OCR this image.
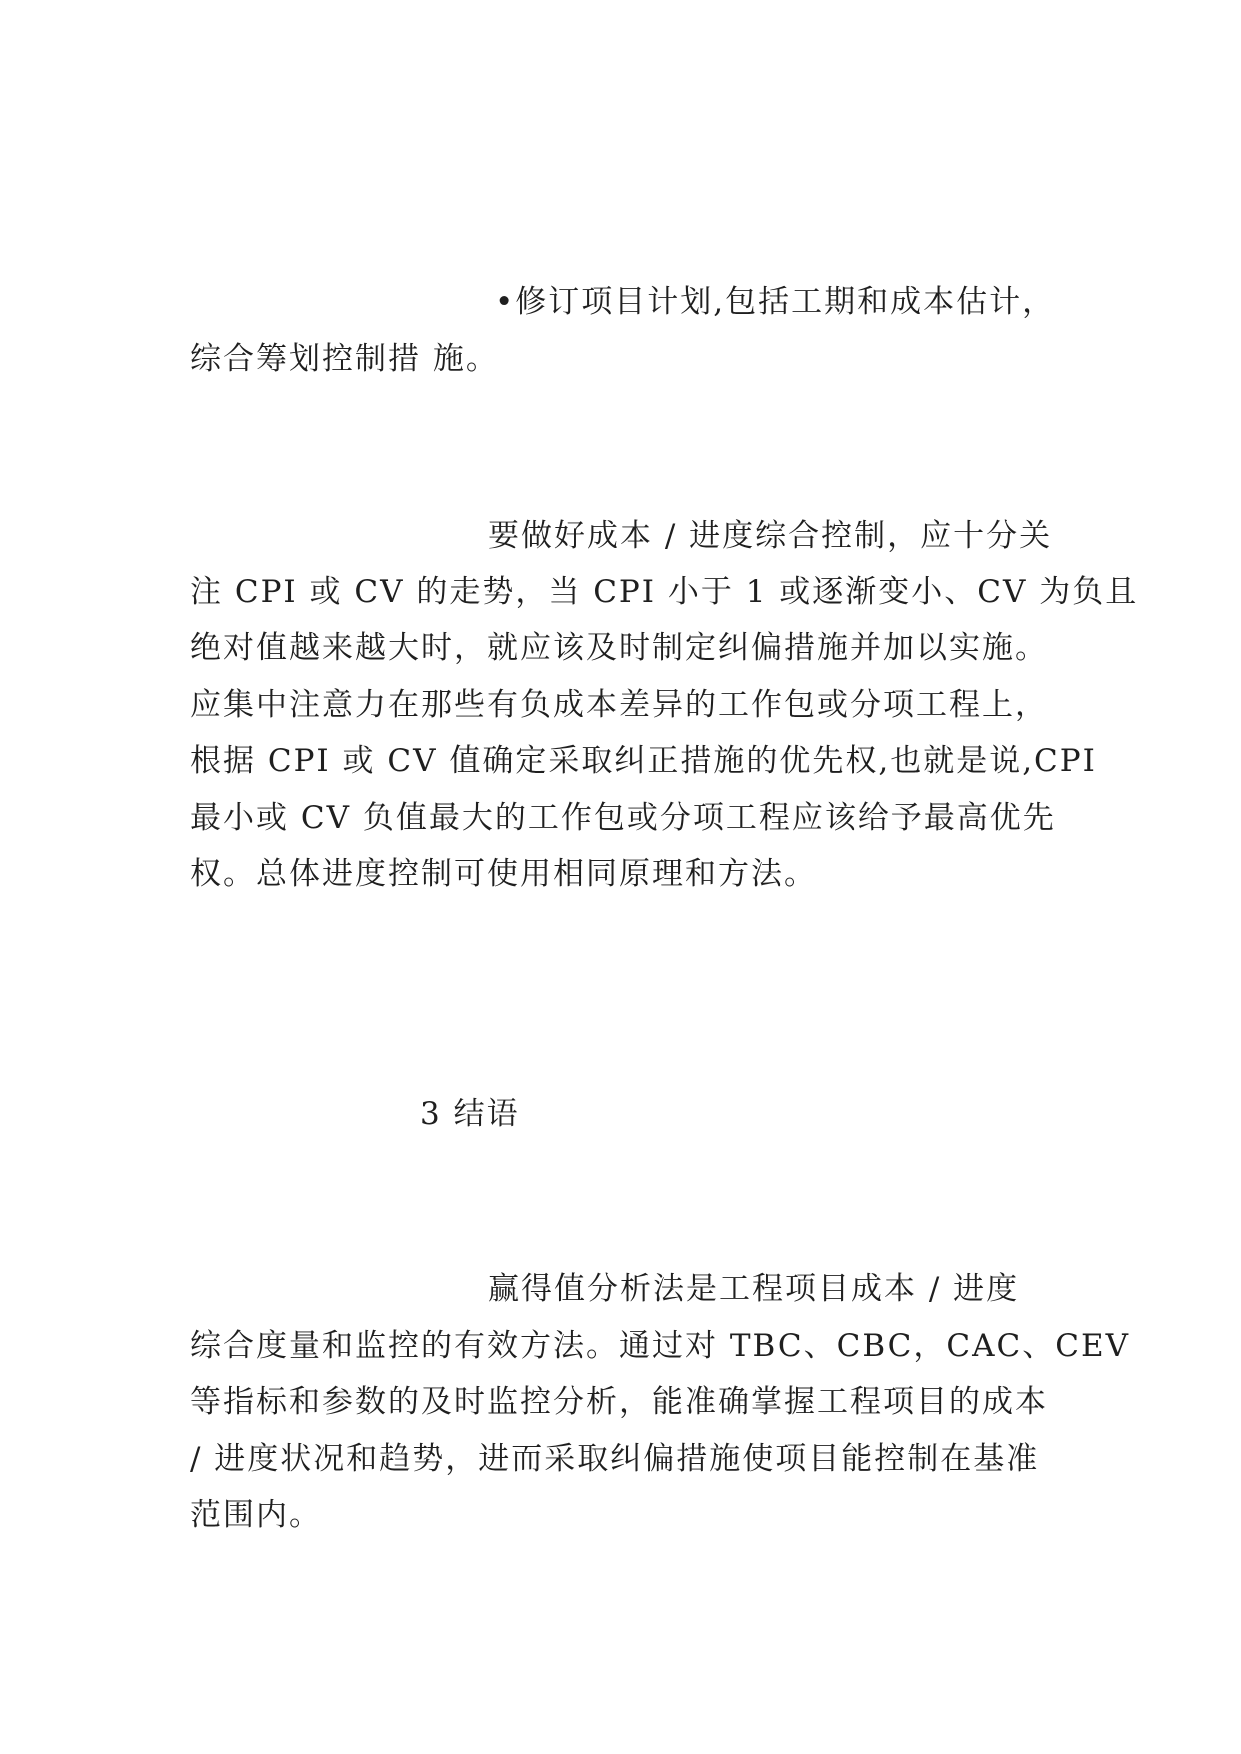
•修订项目计划,包括工期和成本估计，

综合筹划控制措 施。

要做好成本 / 进度综合控制，应十分关

注 CPI 或 CV 的走势，当 CPI 小于 1 或逐渐变小、CV 为负且

绝对值越来越大时，就应该及时制定纠偏措施并加以实施。

应集中注意力在那些有负成本差异的工作包或分项工程上，

根据 CPI 或 CV 值确定采取纠正措施的优先权,也就是说,CPI

最小或 CV 负值最大的工作包或分项工程应该给予最高优先

权。总体进度控制可使用相同原理和方法。

3 结语

赢得值分析法是工程项目成本 / 进度

综合度量和监控的有效方法。通过对 TBC、CBC，CAC、CEV

等指标和参数的及时监控分析，能准确掌握工程项目的成本

/ 进度状况和趋势，进而采取纠偏措施使项目能控制在基准

范围内。
